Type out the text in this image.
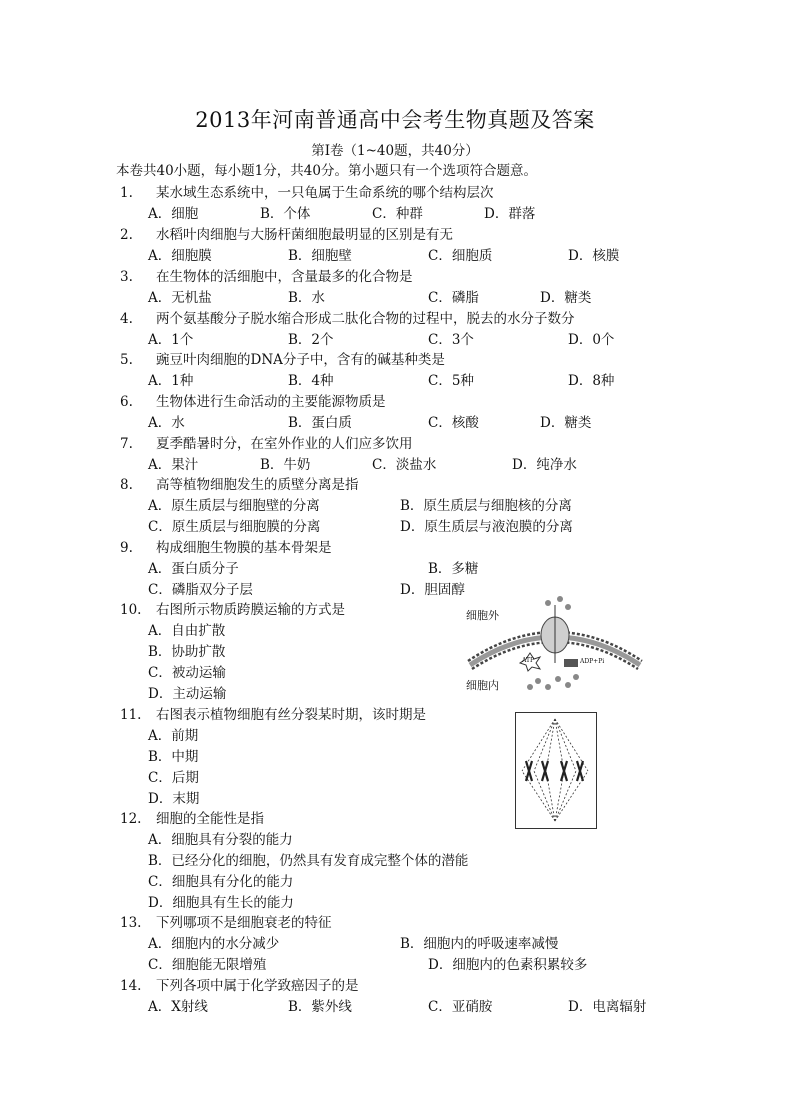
2013年河南普通高中会考生物真题及答案
第Ⅰ卷（1~40题，共40分）
本卷共40小题，每小题1分，共40分。第小题只有一个选项符合题意。
1. 某水域生态系统中，一只龟属于生命系统的哪个结构层次
A．细胞	B．个体	C．种群	D．群落
2. 水稻叶肉细胞与大肠杆菌细胞最明显的区别是有无
A．细胞膜	B．细胞壁	C．细胞质	D．核膜
3. 在生物体的活细胞中，含量最多的化合物是
A．无机盐	B．水	C．磷脂	D．糖类
4. 两个氨基酸分子脱水缩合形成二肽化合物的过程中，脱去的水分子数分
A．1个	B．2个	C．3个	D．0个
5. 豌豆叶肉细胞的DNA分子中，含有的碱基种类是
A．1种	B．4种	C．5种	D．8种
6. 生物体进行生命活动的主要能源物质是
A．水	B．蛋白质	C．核酸	D．糖类
7. 夏季酷暑时分，在室外作业的人们应多饮用
A．果汁	B．牛奶	C．淡盐水	D．纯净水
8. 高等植物细胞发生的质壁分离是指
A．原生质层与细胞壁的分离	B．原生质层与细胞核的分离
C．原生质层与细胞膜的分离	D．原生质层与液泡膜的分离
9. 构成细胞生物膜的基本骨架是
A．蛋白质分子	B．多糖
C．磷脂双分子层	D．胆固醇
10. 右图所示物质跨膜运输的方式是
A．自由扩散
B．协助扩散
C．被动运输
D．主动运输
细胞外
细胞内
ATP	ADP+Pi
11. 右图表示植物细胞有丝分裂某时期，该时期是
A．前期
B．中期
C．后期
D．末期
12. 细胞的全能性是指
A．细胞具有分裂的能力
B．已经分化的细胞，仍然具有发育成完整个体的潜能
C．细胞具有分化的能力
D．细胞具有生长的能力
13. 下列哪项不是细胞衰老的特征
A．细胞内的水分减少	B．细胞内的呼吸速率减慢
C．细胞能无限增殖	D．细胞内的色素积累较多
14. 下列各项中属于化学致癌因子的是
A．X射线	B．紫外线	C．亚硝胺	D．电离辐射
